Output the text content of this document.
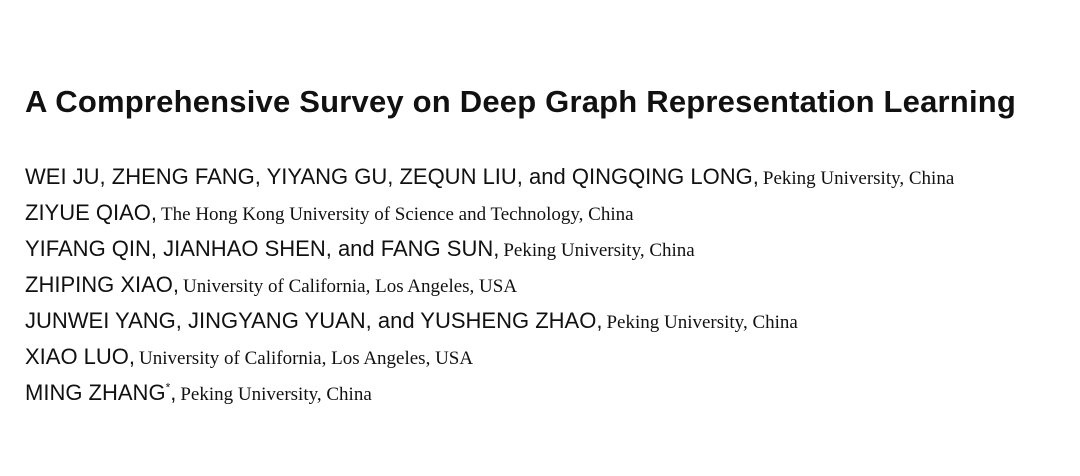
A Comprehensive Survey on Deep Graph Representation Learning
WEI JU, ZHENG FANG, YIYANG GU, ZEQUN LIU, and QINGQING LONG, Peking University, China
ZIYUE QIAO, The Hong Kong University of Science and Technology, China
YIFANG QIN, JIANHAO SHEN, and FANG SUN, Peking University, China
ZHIPING XIAO, University of California, Los Angeles, USA
JUNWEI YANG, JINGYANG YUAN, and YUSHENG ZHAO, Peking University, China
XIAO LUO, University of California, Los Angeles, USA
MING ZHANG*, Peking University, China
